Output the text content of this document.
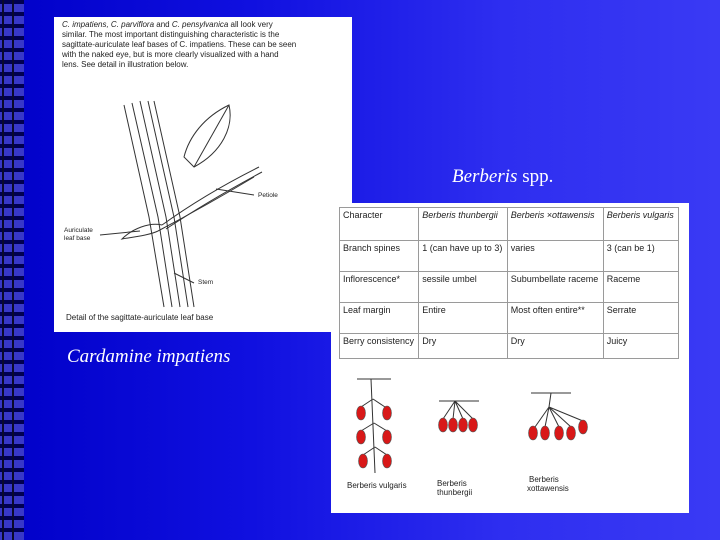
C. impatiens, C. parviflora and C. pensylvanica all look very
similar. The most important distinguishing characteristic is the
sagittate-auriculate leaf bases of C. impatiens. These can be seen
with the naked eye, but is more clearly visualized with a hand
lens. See detail in illustration below.
Petiole
Auriculate
leaf base
Stem
Detail of the sagittate-auriculate leaf base
Cardamine impatiens
Berberis spp.
Character	Berberis thunbergii	Berberis ×ottawensis	Berberis vulgaris
Branch spines	1 (can have up to 3)	varies	3 (can be 1)
Inflorescence*	sessile umbel	Subumbellate raceme	Raceme
Leaf margin	Entire	Most often entire**	Serrate
Berry consistency	Dry	Dry	Juicy
Berberis vulgaris	Berberis
thunbergii
Berberis
xottawensis
